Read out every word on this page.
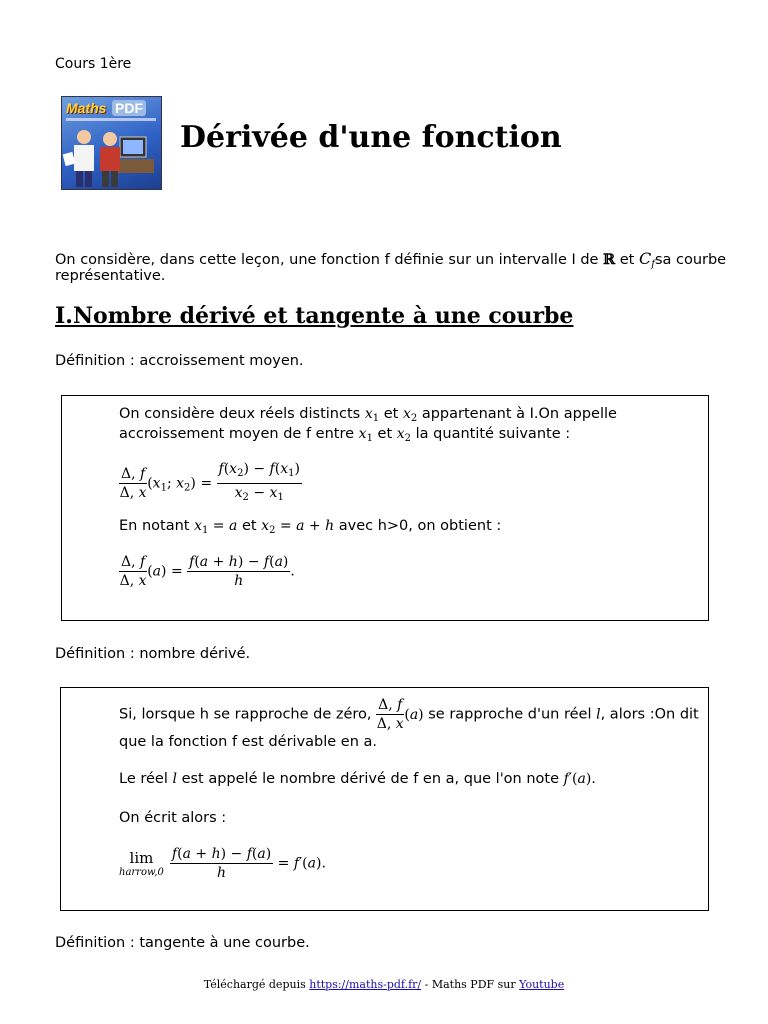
Cours 1ère
Maths PDF
Dérivée d'une fonction
On considère, dans cette leçon, une fonction f définie sur un intervalle I de ℝ et $C_fsa$ courbe
représentative.
I.Nombre dérivé et tangente à une courbe
Définition : accroissement moyen.
On considère deux réels distincts $x_1$ et $x_2$ appartenant à I.On appelle
accroissement moyen de f entre $x_1$ et $x_2$ la quantité suivante :
$\frac{\Delta, f}{\Delta, x} (x_1$; $x_2) = \frac{f(x_2) - f(x_1)}{x_2 - x_1}$
En notant $x_1 = a$ et $x_2 = a + h$ avec h>0, on obtient :
$\frac{\Delta, f}{\Delta, x} (a) = \frac{f(a + h) - f(a)}{h}$ .
Définition : nombre dérivé.
Si, lorsque h se rapproche de zéro, $\frac{\Delta, f}{\Delta, x} (a)$ se rapproche d'un réel l, alors :On dit
que la fonction f est dérivable en a.
Le réel l est appelé le nombre dérivé de f en a, que l'on note f′(a).
On écrit alors :
lim
harrow,0 $\frac{f(a + h) - f(a)}{h} = f'(a)$.
Définition : tangente à une courbe.
Téléchargé depuis https://maths-pdf.fr/ - Maths PDF sur Youtube
